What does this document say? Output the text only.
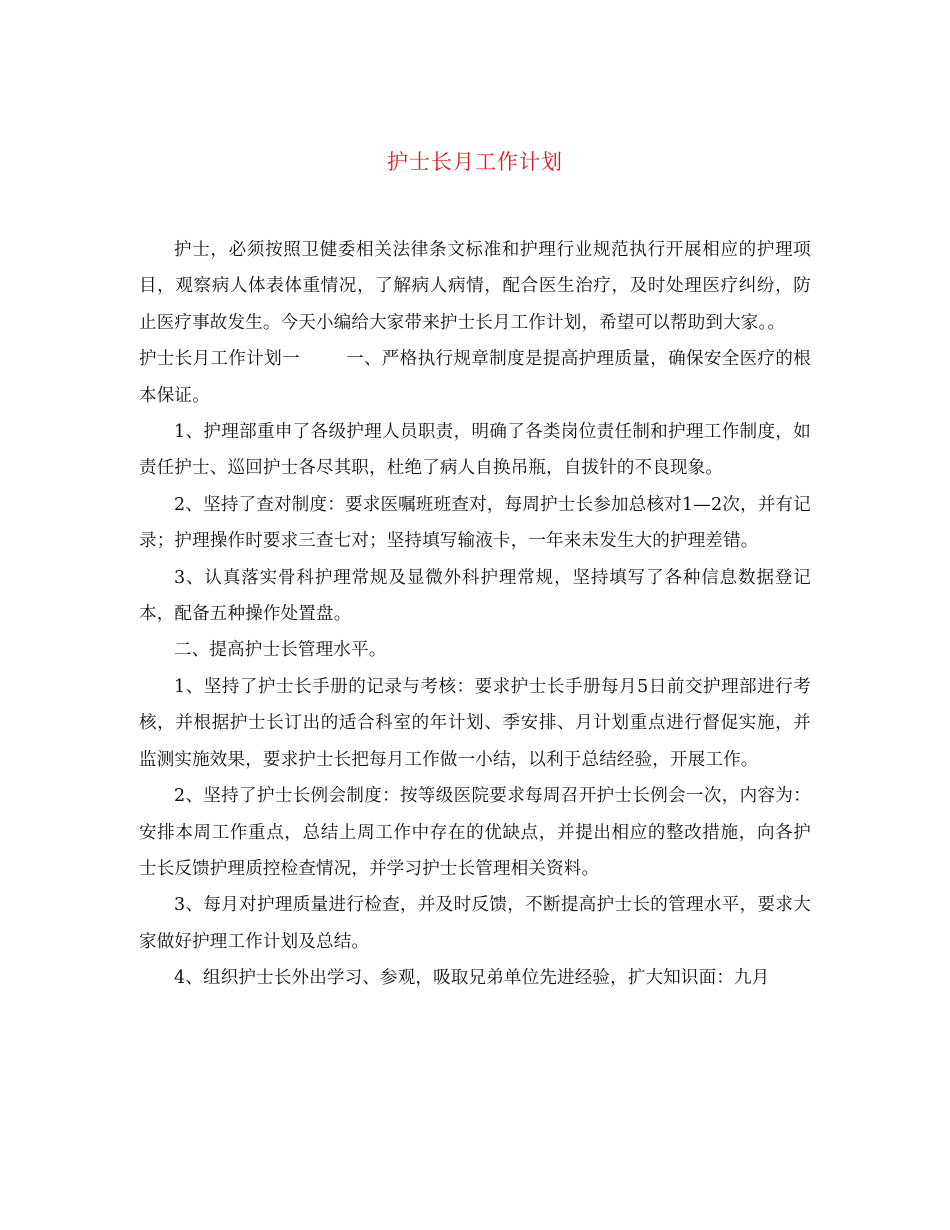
护士长月工作计划

护士，必须按照卫健委相关法律条文标准和护理行业规范执行开展相应的护理项目，观察病人体表体重情况，了解病人病情，配合医生治疗，及时处理医疗纠纷，防止医疗事故发生。今天小编给大家带来护士长月工作计划，希望可以帮助到大家。。

护士长月工作计划一	一、严格执行规章制度是提高护理质量，确保安全医疗的根本保证。

1、护理部重申了各级护理人员职责，明确了各类岗位责任制和护理工作制度，如责任护士、巡回护士各尽其职，杜绝了病人自换吊瓶，自拔针的不良现象。

2、坚持了查对制度：要求医嘱班班查对，每周护士长参加总核对1—2次，并有记录；护理操作时要求三查七对；坚持填写输液卡，一年来未发生大的护理差错。

3、认真落实骨科护理常规及显微外科护理常规，坚持填写了各种信息数据登记本，配备五种操作处置盘。

二、提高护士长管理水平。

1、坚持了护士长手册的记录与考核：要求护士长手册每月5日前交护理部进行考核，并根据护士长订出的适合科室的年计划、季安排、月计划重点进行督促实施，并监测实施效果，要求护士长把每月工作做一小结，以利于总结经验，开展工作。

2、坚持了护士长例会制度：按等级医院要求每周召开护士长例会一次，内容为：安排本周工作重点，总结上周工作中存在的优缺点，并提出相应的整改措施，向各护士长反馈护理质控检查情况，并学习护士长管理相关资料。

3、每月对护理质量进行检查，并及时反馈，不断提高护士长的管理水平，要求大家做好护理工作计划及总结。

4、组织护士长外出学习、参观，吸取兄弟单位先进经验，扩大知识面：九月
